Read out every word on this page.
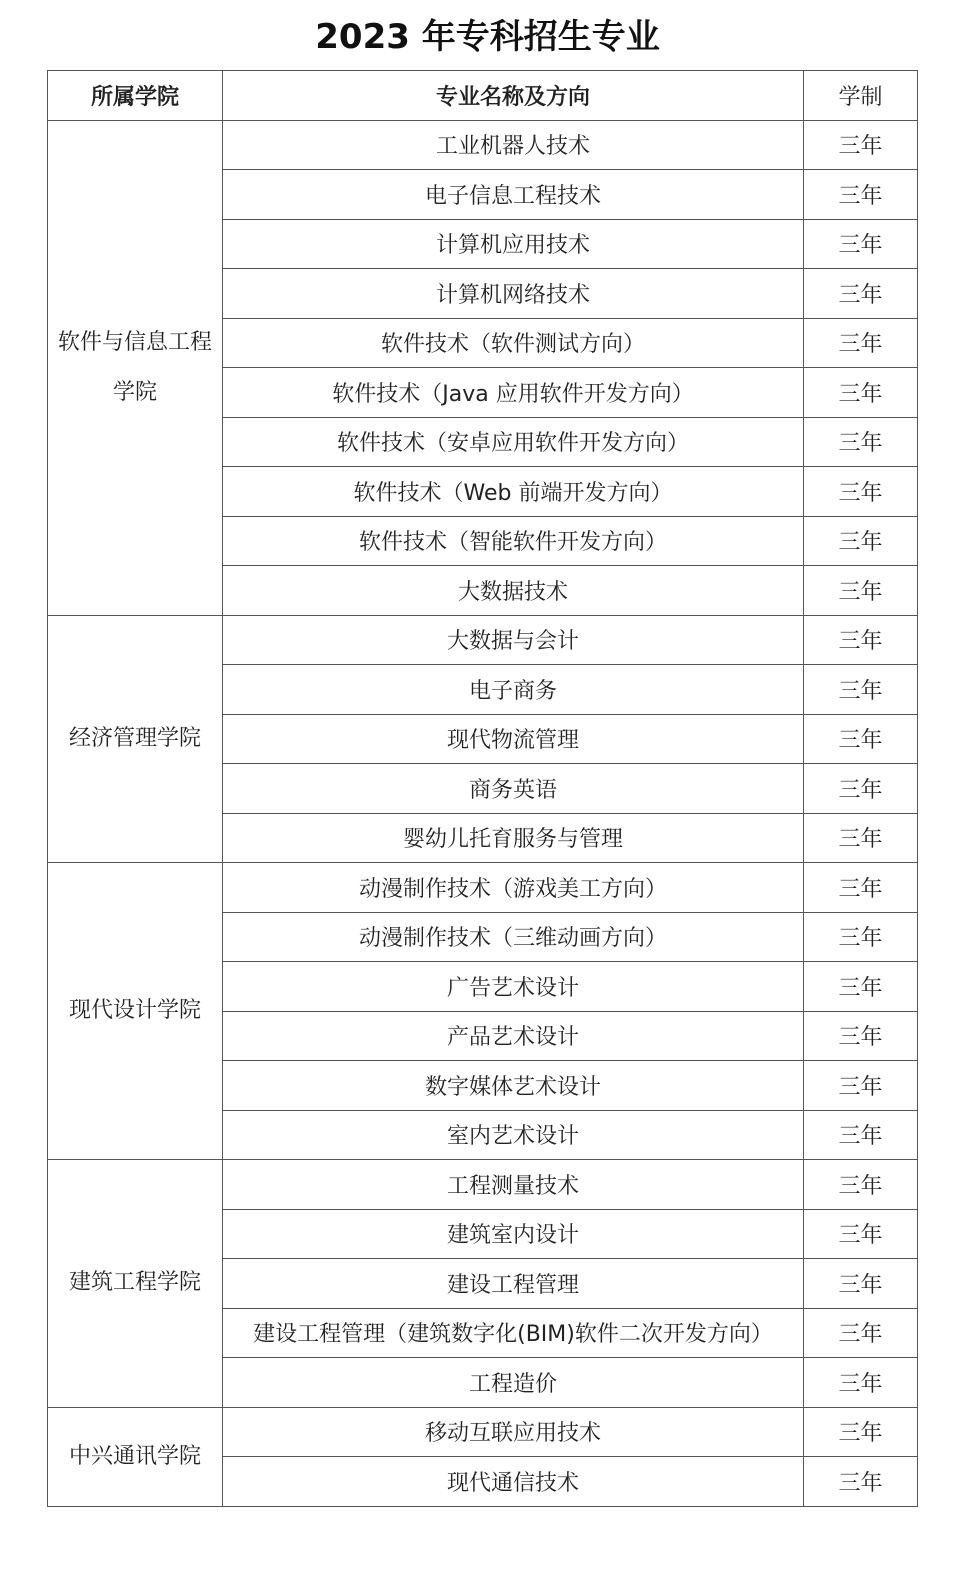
2023 年专科招生专业
所属学院	专业名称及方向	学制
软件与信息工程学院	工业机器人技术	三年
	电子信息工程技术	三年
	计算机应用技术	三年
	计算机网络技术	三年
	软件技术（软件测试方向）	三年
	软件技术（Java 应用软件开发方向）	三年
	软件技术（安卓应用软件开发方向）	三年
	软件技术（Web 前端开发方向）	三年
	软件技术（智能软件开发方向）	三年
	大数据技术	三年
经济管理学院	大数据与会计	三年
	电子商务	三年
	现代物流管理	三年
	商务英语	三年
	婴幼儿托育服务与管理	三年
现代设计学院	动漫制作技术（游戏美工方向）	三年
	动漫制作技术（三维动画方向）	三年
	广告艺术设计	三年
	产品艺术设计	三年
	数字媒体艺术设计	三年
	室内艺术设计	三年
建筑工程学院	工程测量技术	三年
	建筑室内设计	三年
	建设工程管理	三年
	建设工程管理（建筑数字化(BIM)软件二次开发方向）	三年
	工程造价	三年
中兴通讯学院	移动互联应用技术	三年
	现代通信技术	三年
